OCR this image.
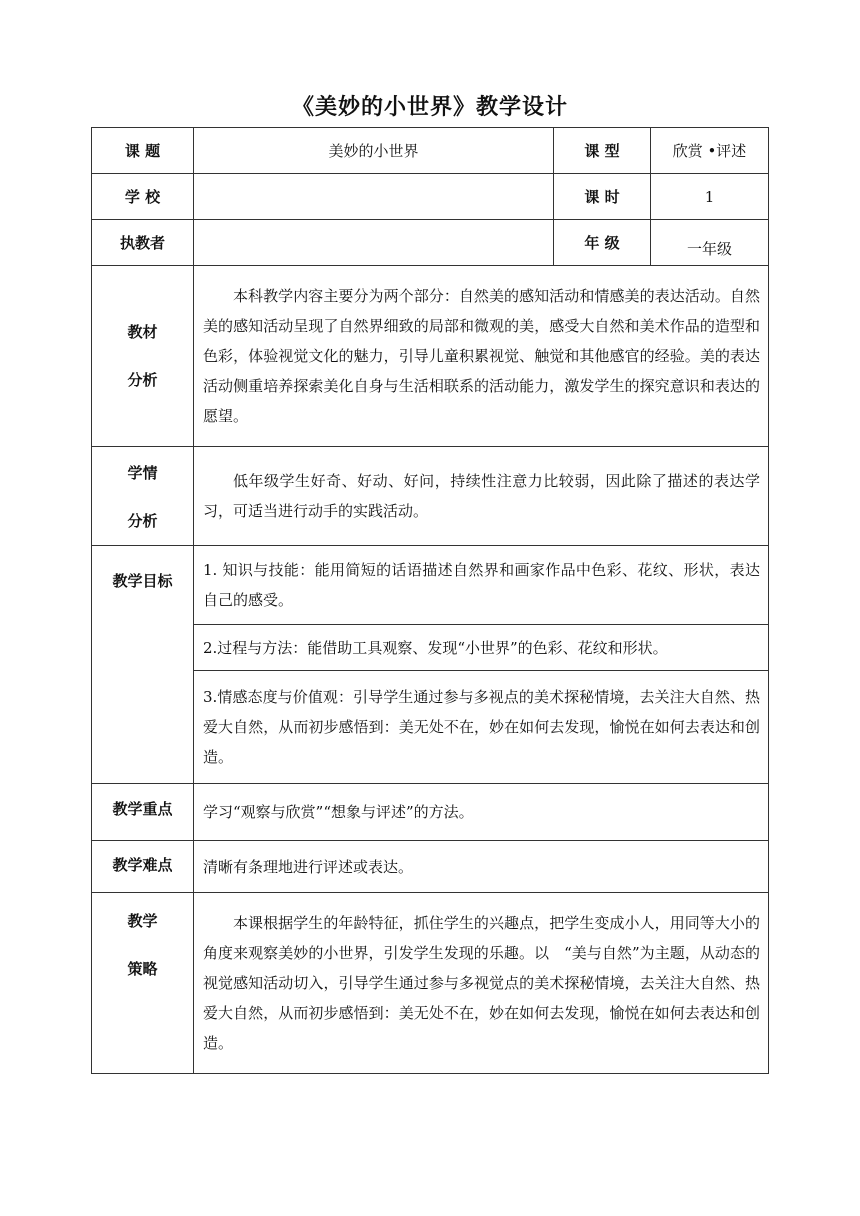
《美妙的小世界》教学设计
课 题	美妙的小世界	课 型	欣赏 •评述
学 校		课 时	1
执教者		年 级	一年级

教材
分析	本科教学内容主要分为两个部分：自然美的感知活动和情感美的表达活动。自然美的感知活动呈现了自然界细致的局部和微观的美，感受大自然和美术作品的造型和色彩，体验视觉文化的魅力，引导儿童积累视觉、触觉和其他感官的经验。美的表达活动侧重培养探索美化自身与生活相联系的活动能力，激发学生的探究意识和表达的愿望。		

学情
分析	低年级学生好奇、好动、好问，持续性注意力比较弱，因此除了描述的表达学习，可适当进行动手的实践活动。		
教学目标	1. 知识与技能：能用简短的话语描述自然界和画家作品中色彩、花纹、形状，表达自己的感受。		
	2.过程与方法：能借助工具观察、发现“小世界”的色彩、花纹和形状。		
	3.情感态度与价值观：引导学生通过参与多视点的美术探秘情境，去关注大自然、热爱大自然，从而初步感悟到：美无处不在，妙在如何去发现，愉悦在如何去表达和创造。		
教学重点	学习“观察与欣赏”“想象与评述”的方法。		
教学难点	清晰有条理地进行评述或表达。		

教学
策略	本课根据学生的年龄特征，抓住学生的兴趣点，把学生变成小人，用同等大小的角度来观察美妙的小世界，引发学生发现的乐趣。以　“美与自然”为主题，从动态的视觉感知活动切入，引导学生通过参与多视觉点的美术探秘情境，去关注大自然、热爱大自然，从而初步感悟到：美无处不在，妙在如何去发现，愉悦在如何去表达和创造。		
